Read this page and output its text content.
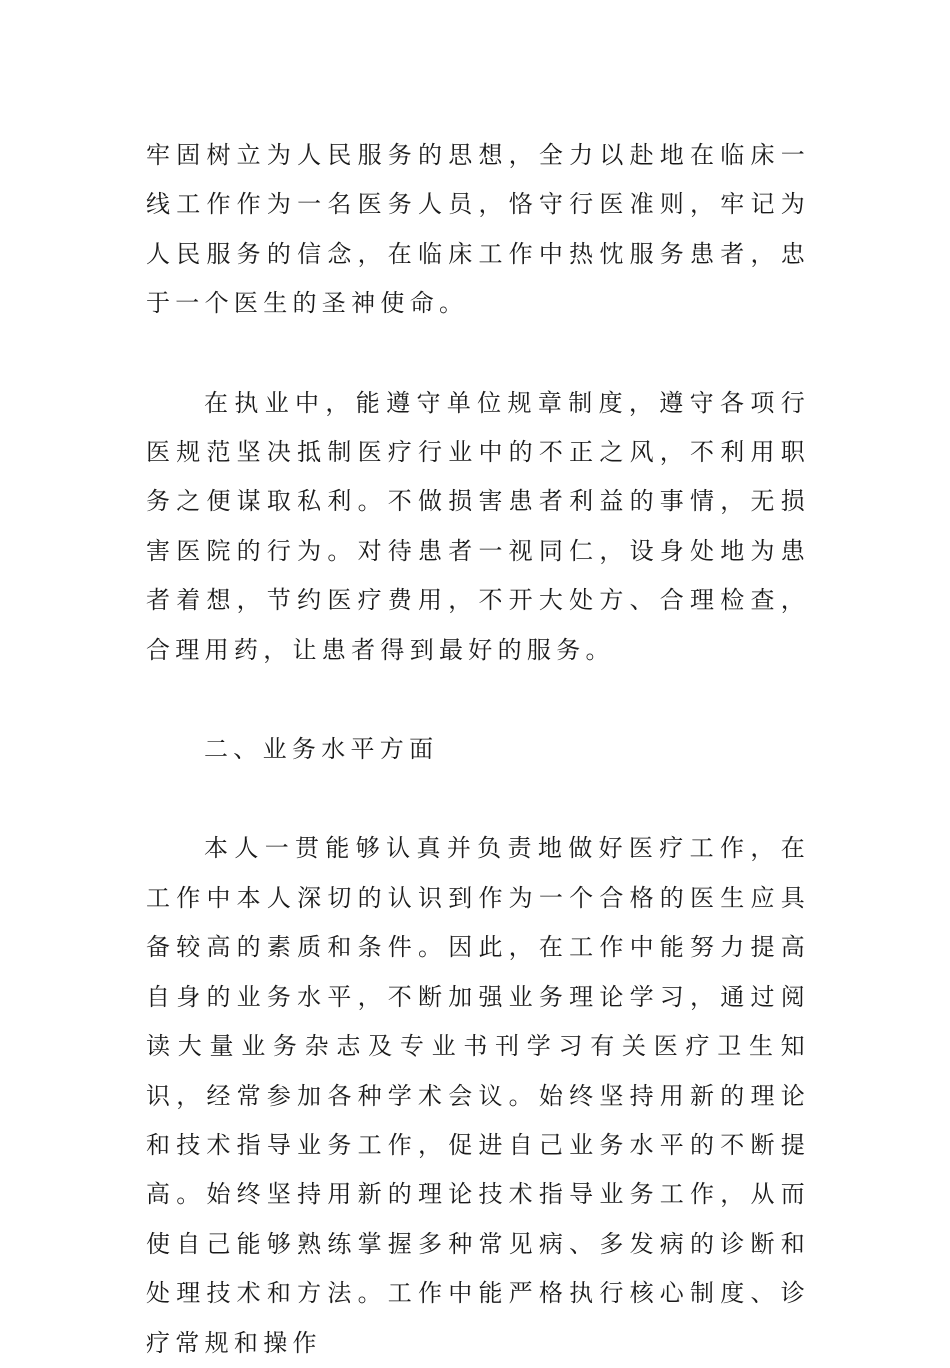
牢固树立为人民服务的思想，全力以赴地在临床一线工作作为一名医务人员，恪守行医准则，牢记为人民服务的信念，在临床工作中热忱服务患者，忠于一个医生的圣神使命。

在执业中，能遵守单位规章制度，遵守各项行医规范坚决抵制医疗行业中的不正之风，不利用职务之便谋取私利。不做损害患者利益的事情，无损害医院的行为。对待患者一视同仁，设身处地为患者着想，节约医疗费用，不开大处方、合理检查，合理用药，让患者得到最好的服务。

二、业务水平方面

本人一贯能够认真并负责地做好医疗工作，在工作中本人深切的认识到作为一个合格的医生应具备较高的素质和条件。因此，在工作中能努力提高自身的业务水平，不断加强业务理论学习，通过阅读大量业务杂志及专业书刊学习有关医疗卫生知识，经常参加各种学术会议。始终坚持用新的理论和技术指导业务工作，促进自己业务水平的不断提高。始终坚持用新的理论技术指导业务工作，从而使自己能够熟练掌握多种常见病、多发病的诊断和处理技术和方法。工作中能严格执行核心制度、诊疗常规和操作
